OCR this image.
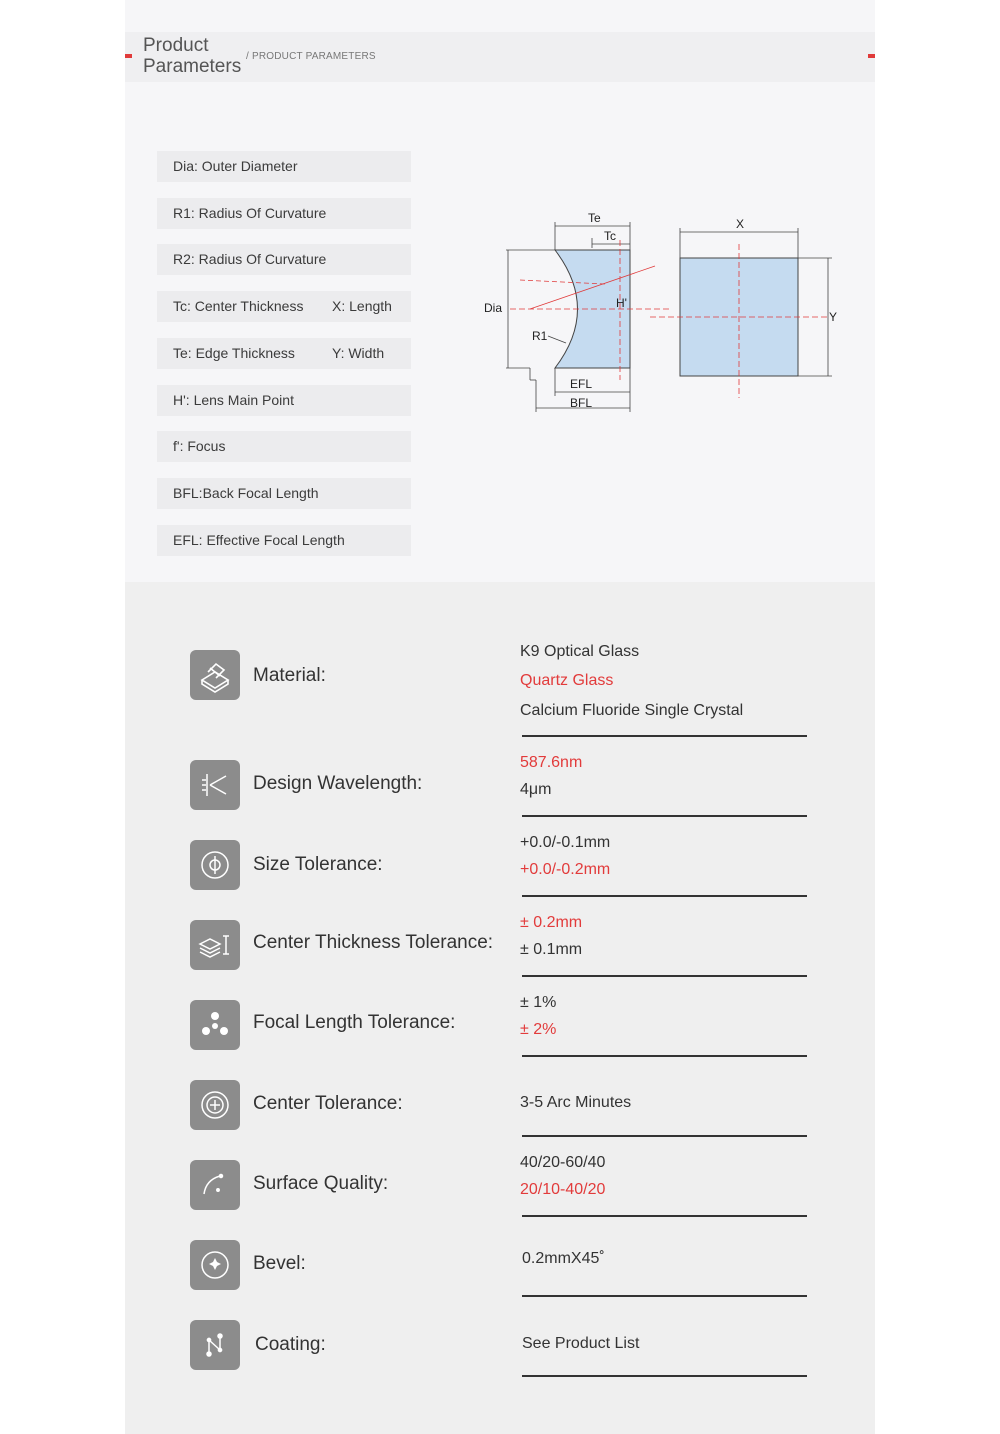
Product Parameters / PRODUCT PARAMETERS
Dia: Outer Diameter
R1: Radius Of Curvature
R2: Radius Of Curvature
Tc: Center Thickness X: Length
Te: Edge Thickness	Y: Width
H': Lens Main Point
f': Focus
BFL:Back Focal Length
EFL: Effective Focal Length
Te
Tc
Dia	H'
R1
EFL
BFL
X
Y
Material:
K9 Optical Glass
Quartz Glass
Calcium Fluoride Single Crystal
Design Wavelength:
587.6nm
4μm
Size Tolerance:
+0.0/-0.1mm
+0.0/-0.2mm
Center Thickness Tolerance:
± 0.2mm
± 0.1mm
Focal Length Tolerance:
± 1%
± 2%
Center Tolerance:	3-5 Arc Minutes
Surface Quality:
40/20-60/40
20/10-40/20
Bevel:	0.2mmX45˚
Coating:	See Product List
